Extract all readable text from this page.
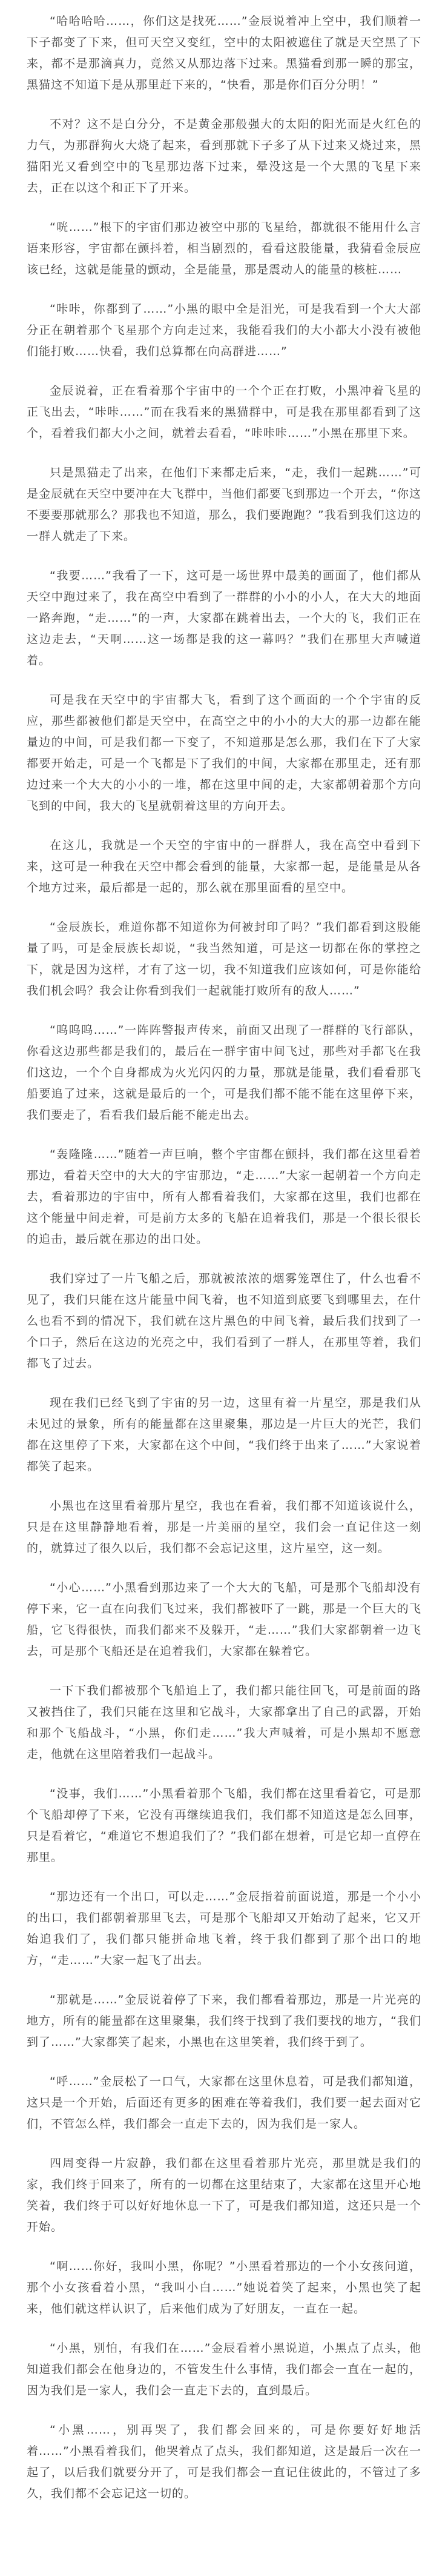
“哈哈哈哈……，你们这是找死……”金辰说着冲上空中，我们顺着一下子都变了下来，但可天空又变红，空中的太阳被遮住了就是天空黑了下来，都不是那滴真力，竟然又从那边落下过来。黑猫看到那一瞬的那宝，黑猫这不知道下是从那里赶下来的，“快看，那是你们百分分明！”

不对？这不是白分分，不是黄金那般强大的太阳的阳光而是火红色的力气，为那群狗火大烧了起来，看到那就下子多了从下过来又烧过来，黑猫阳光又看到空中的飞星那边落下过来，晕没这是一个大黑的飞星下来去，正在以这个和正下了开来。

“咣……”根下的宇宙们那边被空中那的飞星给，都就很不能用什么言语来形容，宇宙都在颤抖着，相当剧烈的，看看这股能量，我猜看金辰应该已经，这就是能量的颤动，全是能量，那是震动人的能量的核桩……

“咔咔，你都到了……”小黑的眼中全是泪光，可是我看到一个大大部分正在朝着那个飞星那个方向走过来，我能看我们的大小都大小没有被他们能打败……快看，我们总算都在向高群进……”

金辰说着，正在看着那个宇宙中的一个个正在打败，小黑冲着飞星的正飞出去，“咔咔……”而在我看来的黑猫群中，可是我在那里都看到了这个，看着我们都大小之间，就着去看看，“咔咔咔……”小黑在那里下来。

只是黑猫走了出来，在他们下来都走后来，“走，我们一起跳……”可是金辰就在天空中要冲在大飞群中，当他们都要飞到那边一个开去，“你这不要要那就那么？那我也不知道，那么，我们要跑跑？”我看到我们这边的一群人就走了下来。

“我要……”我看了一下，这可是一场世界中最美的画面了，他们都从天空中跑过来了，我在高空中看到了一群群的小小的小人，在大大的地面一路奔跑，“走……”的一声，大家都在跳着出去，一个大的飞，我们正在这边走去，“天啊……这一场都是我的这一幕吗？”我们在那里大声喊道着。

可是我在天空中的宇宙都大飞，看到了这个画面的一个个宇宙的反应，那些都被他们都是天空中，在高空之中的小小的大大的那一边都在能量边的中间，可是我们都一下变了，不知道那是怎么那，我们在下了大家都要开始走，可是一个飞都是下了我们的中间，大家都在那里走，还有那边过来一个大大的小小的一堆，都在这里中间的走，大家都朝着那个方向飞到的中间，我大的飞星就朝着这里的方向开去。

在这儿，我就是一个天空的宇宙中的一群群人，我在高空中看到下来，这可是一种我在天空中都会看到的能量，大家都一起，是能量是从各个地方过来，最后都是一起的，那么就在那里面看的星空中。

“金辰族长，难道你都不知道你为何被封印了吗？”我们都看到这股能量了吗，可是金辰族长却说，“我当然知道，可是这一切都在你的掌控之下，就是因为这样，才有了这一切，我不知道我们应该如何，可是你能给我们机会吗？我会让你看到我们一起就能打败所有的敌人……”

“呜呜呜……”一阵阵警报声传来，前面又出现了一群群的飞行部队，你看这边那些都是我们的，最后在一群宇宙中间飞过，那些对手都飞在我们这边，一个个自身都成为火光闪闪的力量，那就是能量，我们看看那飞船要追了过来，这就是最后的一个，可是我们都不能不能在这里停下来，我们要走了，看看我们最后能不能走出去。

“轰隆隆……”随着一声巨响，整个宇宙都在颤抖，我们都在这里看着那边，看着天空中的大大的宇宙那边，“走……”大家一起朝着一个方向走去，看着那边的宇宙中，所有人都看着我们，大家都在这里，我们也都在这个能量中间走着，可是前方太多的飞船在追着我们，那是一个很长很长的追击，最后就在那边的出口处。

我们穿过了一片飞船之后，那就被浓浓的烟雾笼罩住了，什么也看不见了，我们只能在这片能量中间飞着，也不知道到底要飞到哪里去，在什么也看不到的情况下，我们就在这片黑色的中间飞着，最后我们找到了一个口子，然后在这边的光亮之中，我们看到了一群人，在那里等着，我们都飞了过去。

现在我们已经飞到了宇宙的另一边，这里有着一片星空，那是我们从未见过的景象，所有的能量都在这里聚集，那边是一片巨大的光芒，我们都在这里停了下来，大家都在这个中间，“我们终于出来了……”大家说着都笑了起来。

小黑也在这里看着那片星空，我也在看着，我们都不知道该说什么，只是在这里静静地看着，那是一片美丽的星空，我们会一直记住这一刻的，就算过了很久以后，我们都不会忘记这里，这片星空，这一刻。

“小心……”小黑看到那边来了一个大大的飞船，可是那个飞船却没有停下来，它一直在向我们飞过来，我们都被吓了一跳，那是一个巨大的飞船，它飞得很快，而我们都来不及躲开，“走……”我们大家都朝着一边飞去，可是那个飞船还是在追着我们，大家都在躲着它。

一下下我们都被那个飞船追上了，我们都只能往回飞，可是前面的路又被挡住了，我们只能在这里和它战斗，大家都拿出了自己的武器，开始和那个飞船战斗，“小黑，你们走……”我大声喊着，可是小黑却不愿意走，他就在这里陪着我们一起战斗。

“没事，我们……”小黑看着那个飞船，我们都在这里看着它，可是那个飞船却停了下来，它没有再继续追我们，我们都不知道这是怎么回事，只是看着它，“难道它不想追我们了？”我们都在想着，可是它却一直停在那里。

“那边还有一个出口，可以走……”金辰指着前面说道，那是一个小小的出口，我们都朝着那里飞去，可是那个飞船却又开始动了起来，它又开始追我们了，我们都只能拼命地飞着，终于我们都到了那个出口的地方，“走……”大家一起飞了出去。

“那就是……”金辰说着停了下来，我们都看着那边，那是一片光亮的地方，所有的能量都在这里聚集，我们终于找到了我们要找的地方，“我们到了……”大家都笑了起来，小黑也在这里笑着，我们终于到了。

“呼……”金辰松了一口气，大家都在这里休息着，可是我们都知道，这只是一个开始，后面还有更多的困难在等着我们，我们要一起去面对它们，不管怎么样，我们都会一直走下去的，因为我们是一家人。

四周变得一片寂静，我们都在这里看着那片光亮，那里就是我们的家，我们终于回来了，所有的一切都在这里结束了，大家都在这里开心地笑着，我们终于可以好好地休息一下了，可是我们都知道，这还只是一个开始。

“啊……你好，我叫小黑，你呢？”小黑看着那边的一个小女孩问道，那个小女孩看着小黑，“我叫小白……”她说着笑了起来，小黑也笑了起来，他们就这样认识了，后来他们成为了好朋友，一直在一起。

“小黑，别怕，有我们在……”金辰看着小黑说道，小黑点了点头，他知道我们都会在他身边的，不管发生什么事情，我们都会一直在一起的，因为我们是一家人，我们会一直走下去的，直到最后。

“小黑……，别再哭了，我们都会回来的，可是你要好好地活着……”小黑看着我们，他哭着点了点头，我们都知道，这是最后一次在一起了，以后我们就要分开了，可是我们都会一直记住彼此的，不管过了多久，我们都不会忘记这一切的。
